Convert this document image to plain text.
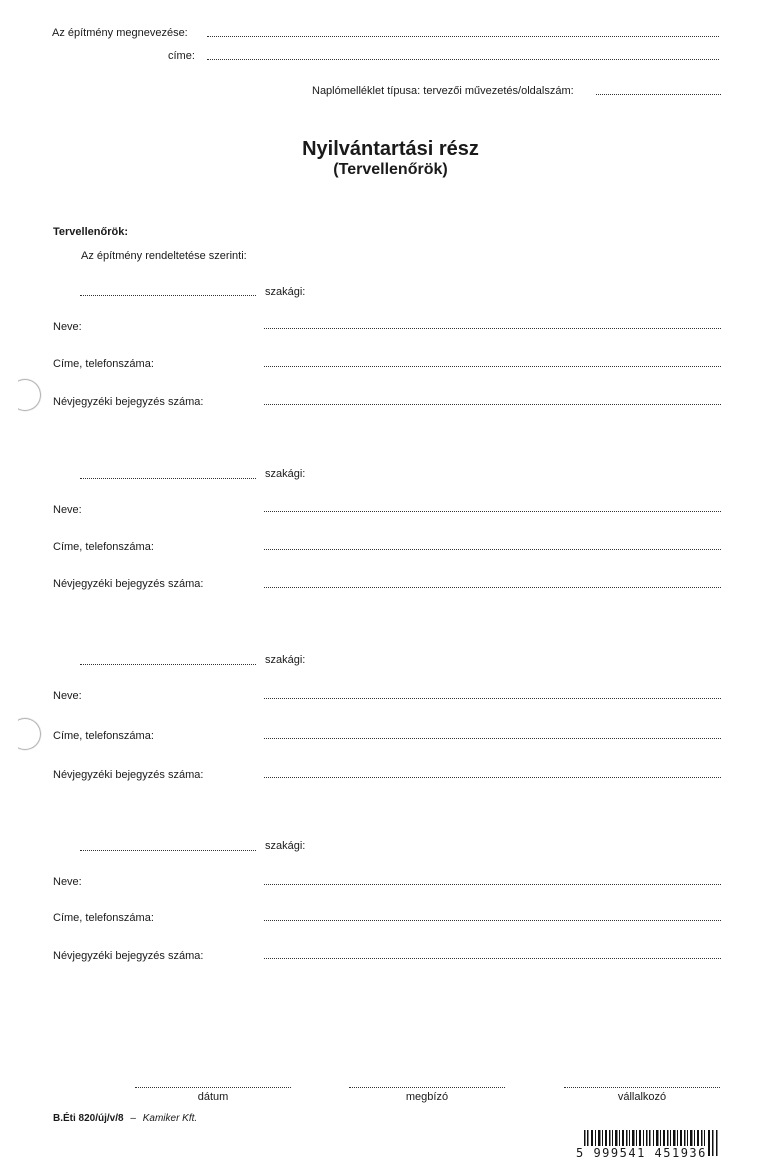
Az építmény megnevezése:
címe:
Naplómelléklet típusa: tervezői művezetés/oldalszám:
Nyilvántartási rész
(Tervellenőrök)
Tervellenőrök:
Az építmény rendeltetése szerinti:
szakági:
Neve:
Címe, telefonszáma:
Névjegyzéki bejegyzés száma:
szakági:
Neve:
Címe, telefonszáma:
Névjegyzéki bejegyzés száma:
szakági:
Neve:
Címe, telefonszáma:
Névjegyzéki bejegyzés száma:
szakági:
Neve:
Címe, telefonszáma:
Névjegyzéki bejegyzés száma:
dátum	megbízó	vállalkozó
B.Éti 820/új/v/8 – Kamiker Kft.
5 999541 451936
